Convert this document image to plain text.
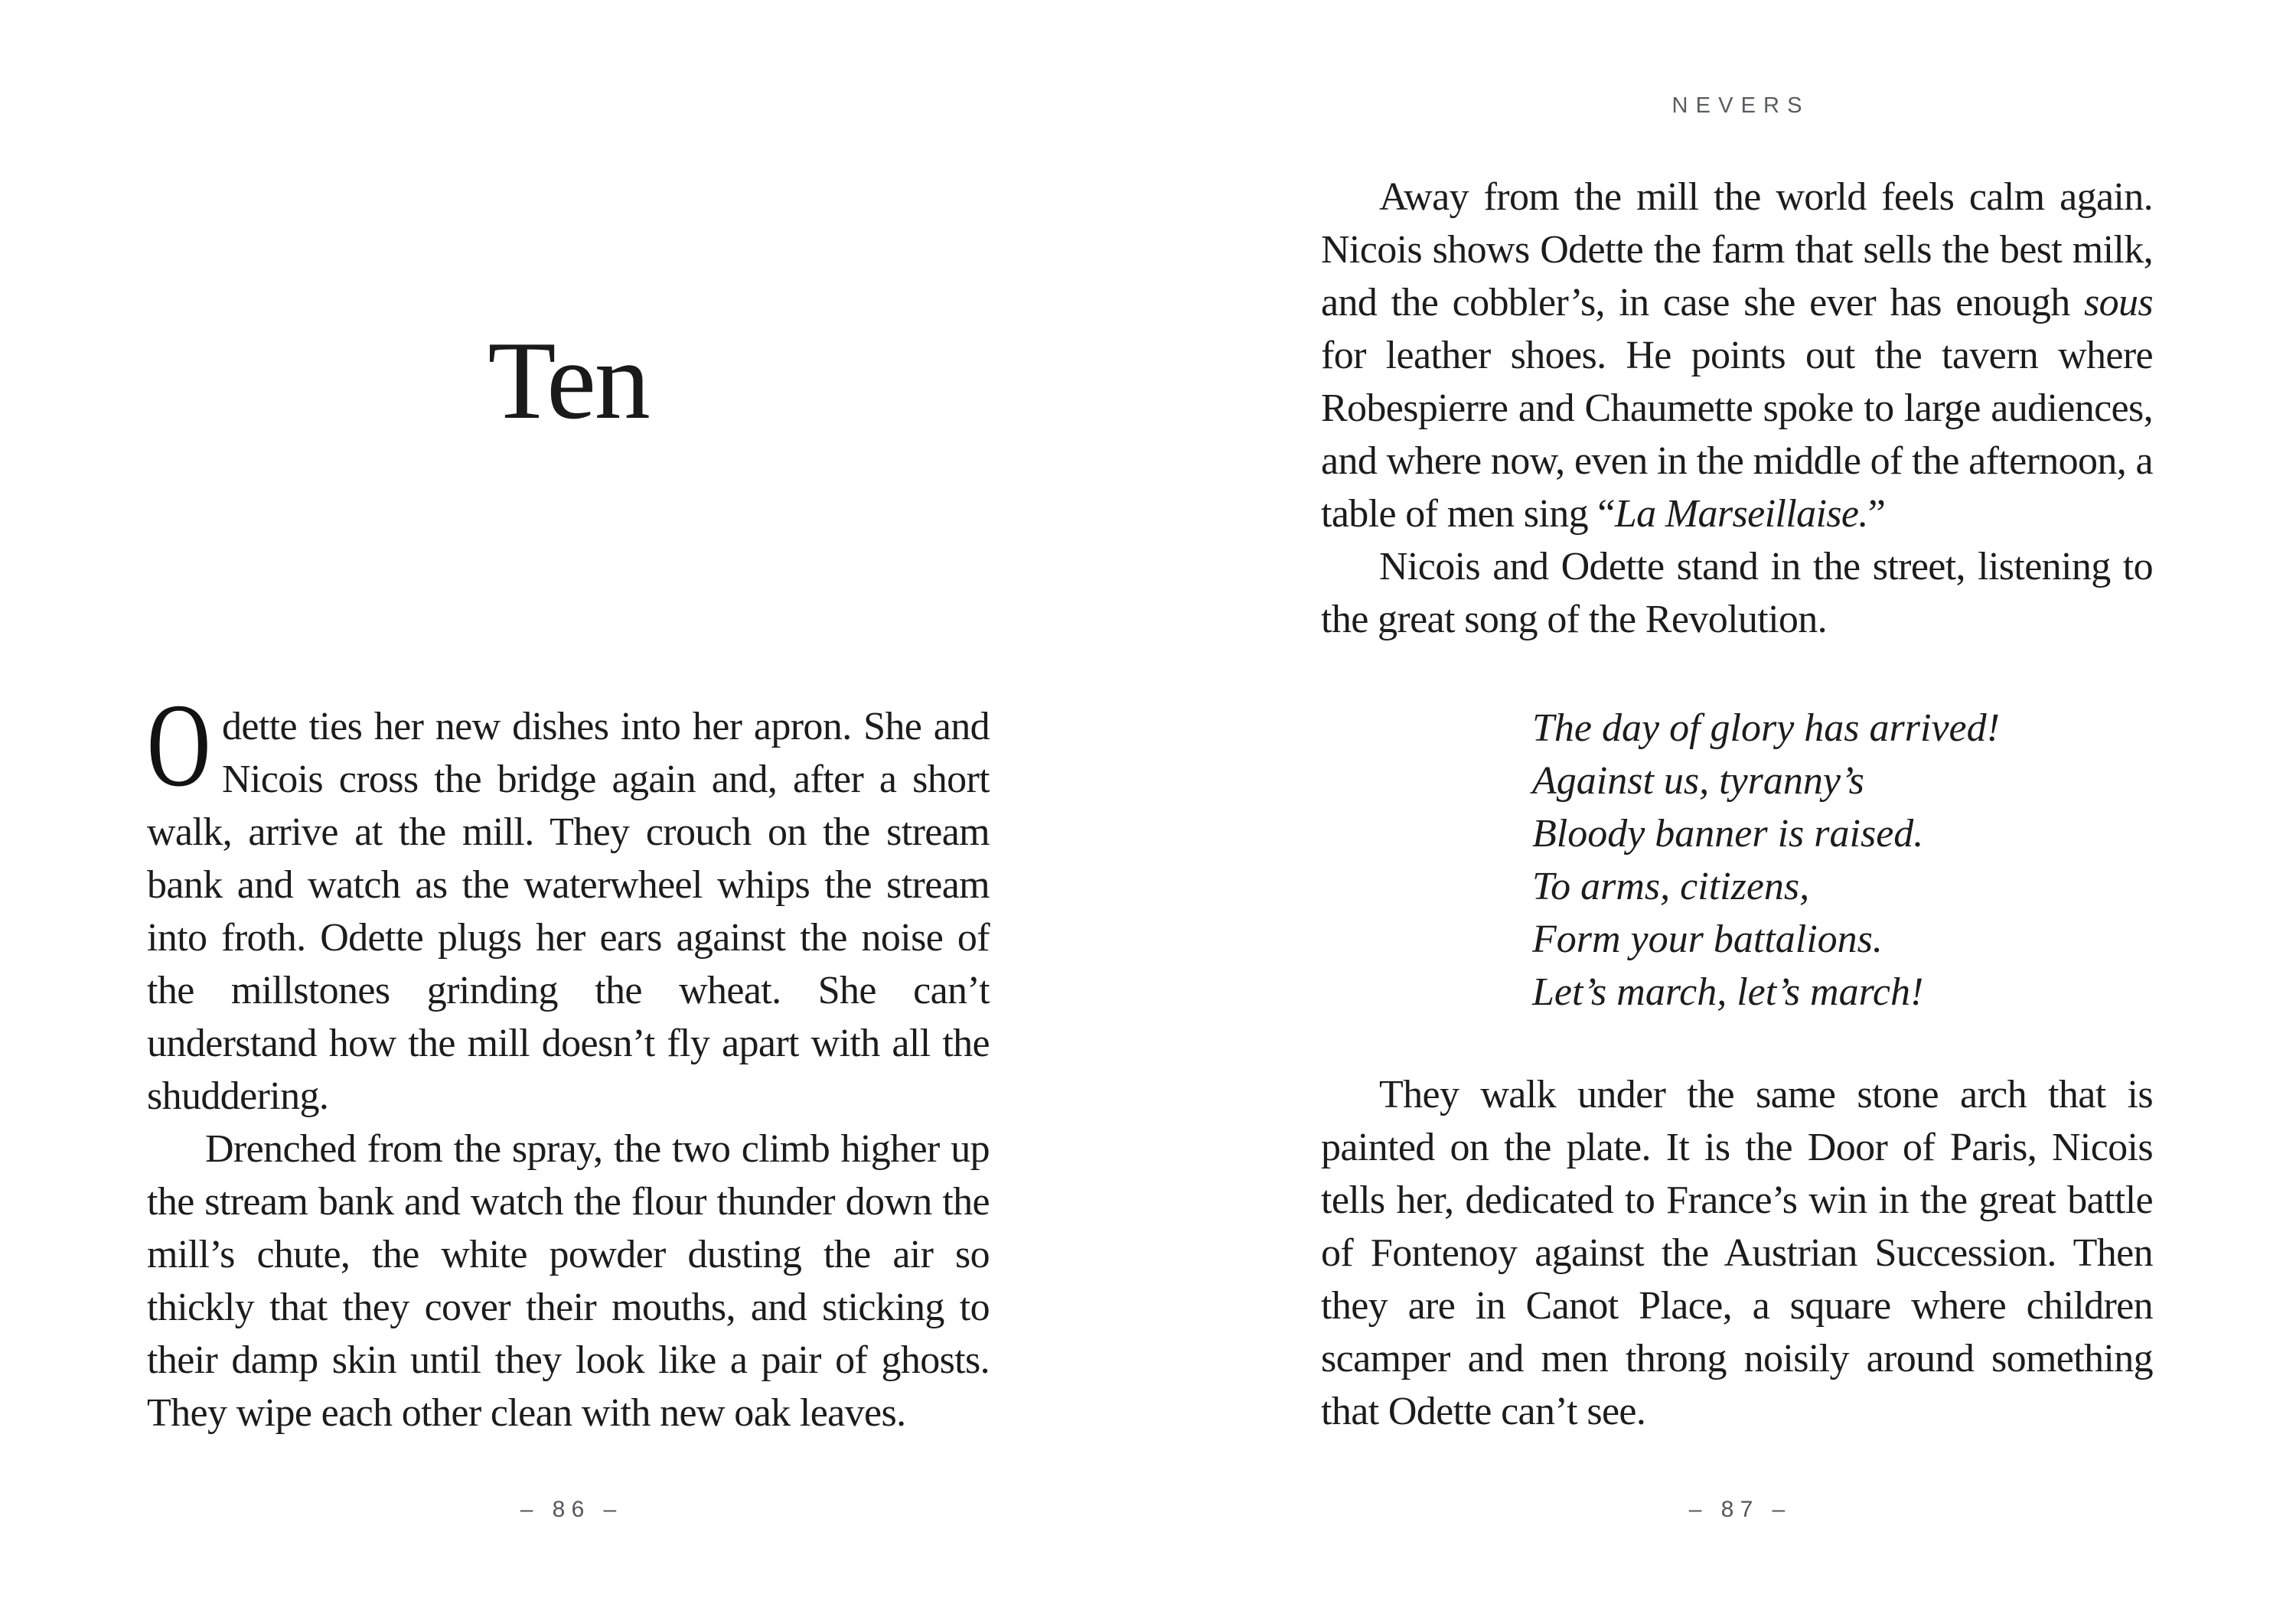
Ten

Odette ties her new dishes into her apron. She and Nicois cross the bridge again and, after a short walk, arrive at the mill. They crouch on the stream bank and watch as the waterwheel whips the stream into froth. Odette plugs her ears against the noise of the millstones grinding the wheat. She can’t understand how the mill doesn’t fly apart with all the shuddering.

Drenched from the spray, the two climb higher up the stream bank and watch the flour thunder down the mill’s chute, the white powder dusting the air so thickly that they cover their mouths, and sticking to their damp skin until they look like a pair of ghosts. They wipe each other clean with new oak leaves.

– 86 –
NEVERS

Away from the mill the world feels calm again. Nicois shows Odette the farm that sells the best milk, and the cobbler’s, in case she ever has enough sous for leather shoes. He points out the tavern where Robespierre and Chaumette spoke to large audiences, and where now, even in the middle of the afternoon, a table of men sing “La Marseillaise.”

Nicois and Odette stand in the street, listening to the great song of the Revolution.

The day of glory has arrived!
Against us, tyranny’s
Bloody banner is raised.
To arms, citizens,
Form your battalions.
Let’s march, let’s march!

They walk under the same stone arch that is painted on the plate. It is the Door of Paris, Nicois tells her, dedicated to France’s win in the great battle of Fontenoy against the Austrian Succession. Then they are in Canot Place, a square where children scamper and men throng noisily around something that Odette can’t see.

– 87 –
